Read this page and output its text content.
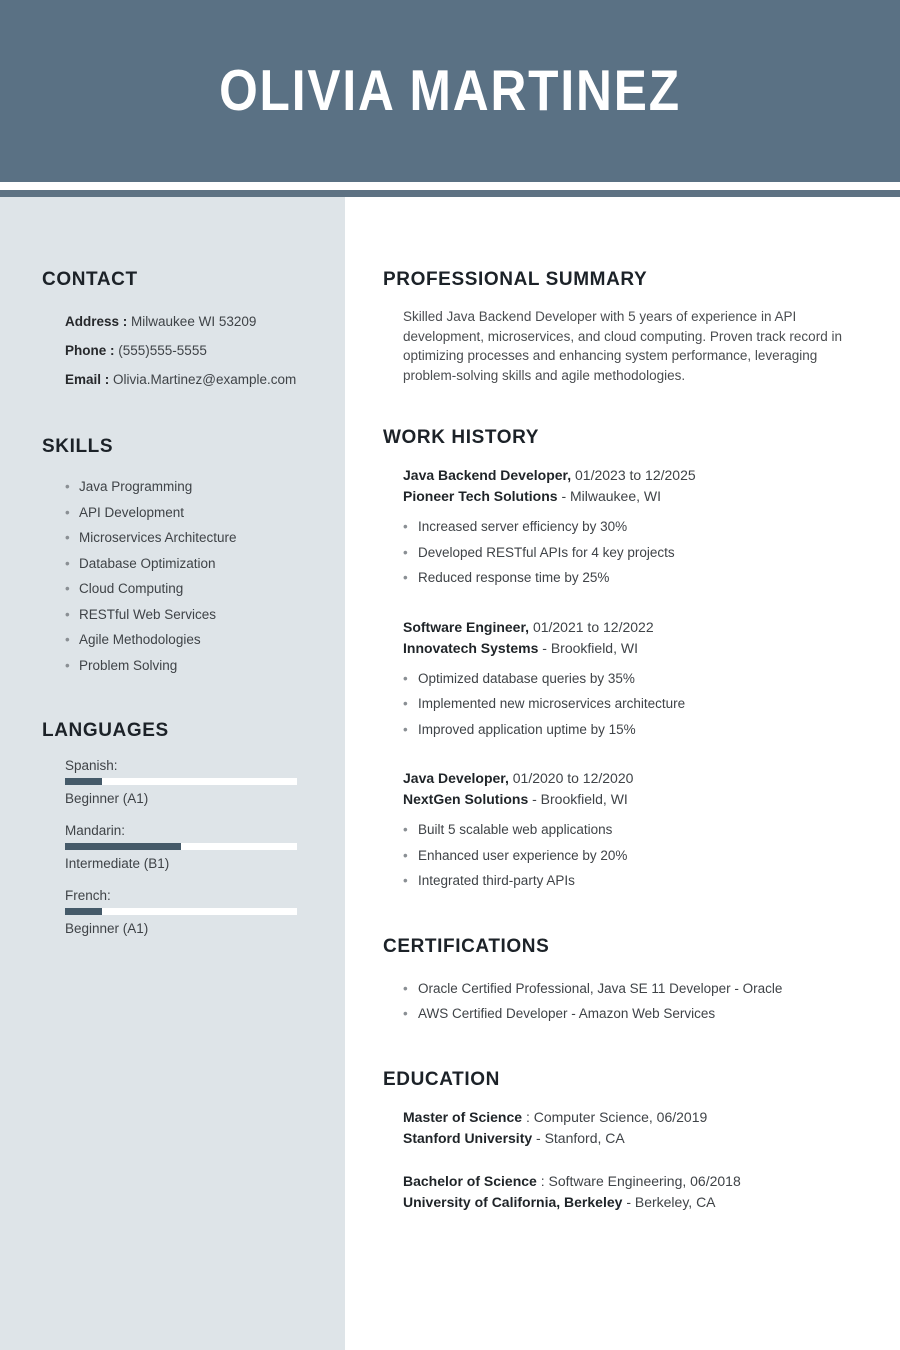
OLIVIA MARTINEZ
CONTACT

Address : Milwaukee WI 53209

Phone : (555)555-5555

Email : Olivia.Martinez@example.com

SKILLS
• Java Programming
• API Development
• Microservices Architecture
• Database Optimization
• Cloud Computing
• RESTful Web Services
• Agile Methodologies
• Problem Solving
LANGUAGES
Spanish:
Beginner (A1)
Mandarin:
Intermediate (B1)
French:
Beginner (A1)
PROFESSIONAL SUMMARY

Skilled Java Backend Developer with 5 years of experience in API development, microservices, and cloud computing. Proven track record in optimizing processes and enhancing system performance, leveraging problem-solving skills and agile methodologies.

WORK HISTORY

Java Backend Developer, 01/2023 to 12/2025

Pioneer Tech Solutions - Milwaukee, WI

• Increased server efficiency by 30%
• Developed RESTful APIs for 4 key projects
• Reduced response time by 25%

Software Engineer, 01/2021 to 12/2022

Innovatech Systems - Brookfield, WI

• Optimized database queries by 35%
• Implemented new microservices architecture
• Improved application uptime by 15%

Java Developer, 01/2020 to 12/2020

NextGen Solutions - Brookfield, WI

• Built 5 scalable web applications
• Enhanced user experience by 20%
• Integrated third-party APIs
CERTIFICATIONS
• Oracle Certified Professional, Java SE 11 Developer - Oracle
• AWS Certified Developer - Amazon Web Services
EDUCATION

Master of Science : Computer Science, 06/2019

Stanford University - Stanford, CA

Bachelor of Science : Software Engineering, 06/2018

University of California, Berkeley - Berkeley, CA
